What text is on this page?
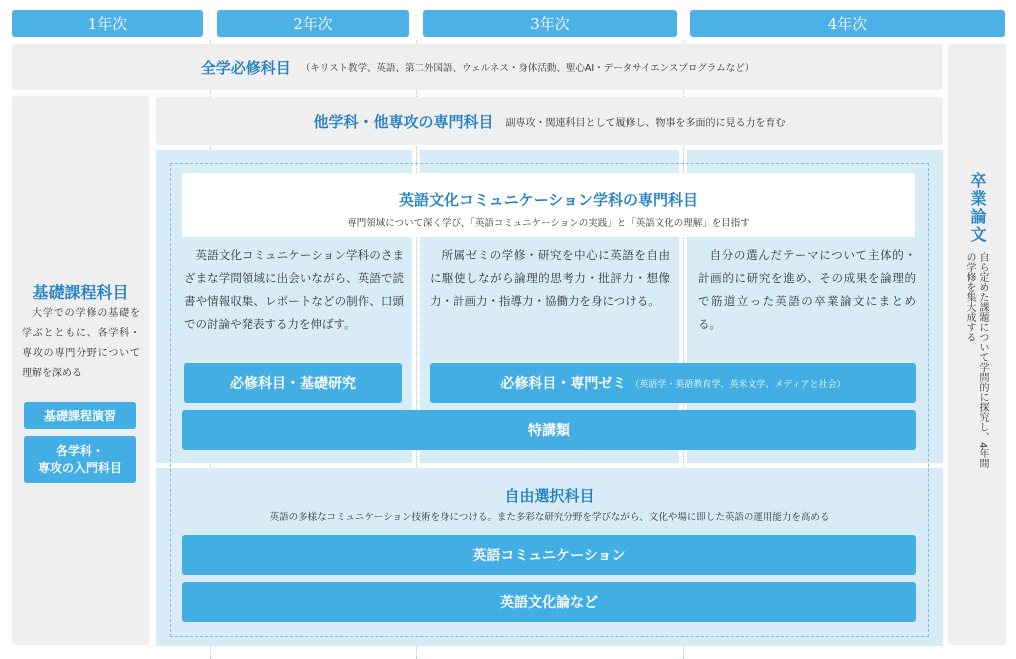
1年次	2年次	3年次	4年次
全学必修科目 （キリスト教学、英語、第二外国語、ウェルネス・身体活動、聖心AI・データサイエンスプログラムなど）
基礎課程科目
大学での学修の基礎を学ぶとともに、各学科・専攻の専門分野について理解を深める
基礎課程演習
各学科・
専攻の入門科目
卒業論文
自ら定めた課題について学問的に探究し、4年間の学修を集大成する
他学科・他専攻の専門科目 副専攻・関連科目として履修し、物事を多面的に見る力を育む
英語文化コミュニケーション学科の専門科目
専門領域について深く学び、「英語コミュニケーションの実践」と「英語文化の理解」を目指す
英語文化コミュニケーション学科のさまざまな学問領域に出会いながら、英語で読書や情報収集、レポートなどの制作、口頭での討論や発表する力を伸ばす。
所属ゼミの学修・研究を中心に英語を自由に駆使しながら論理的思考力・批評力・想像力・計画力・指導力・協働力を身につける。
自分の選んだテーマについて主体的・計画的に研究を進め、その成果を論理的で筋道立った英語の卒業論文にまとめる。
必修科目・基礎研究	必修科目・専門ゼミ （英語学・英語教育学、英米文学、メディアと社会）
特講類
自由選択科目
英語の多様なコミュニケーション技術を身につける。また多彩な研究分野を学びながら、文化や場に即した英語の運用能力を高める
英語コミュニケーション
英語文化論など
